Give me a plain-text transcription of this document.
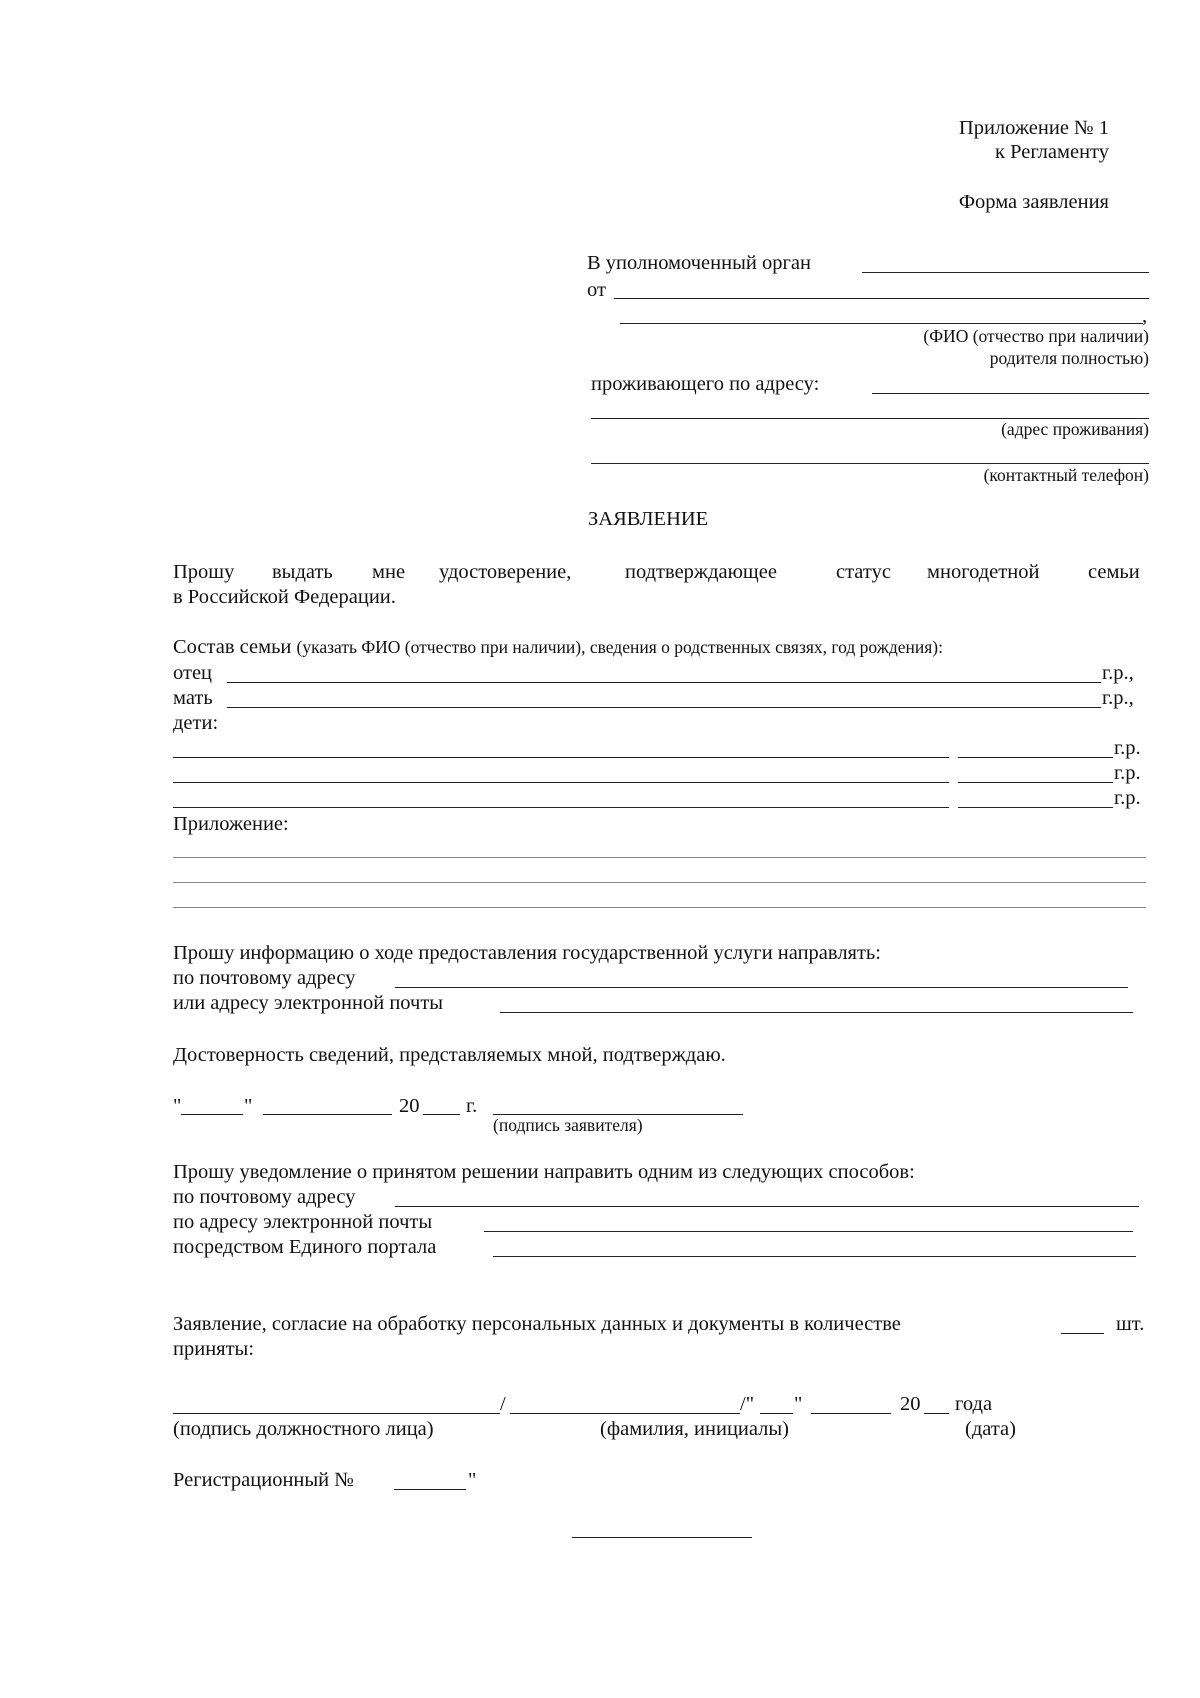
Приложение № 1
к Регламенту
Форма заявления
В уполномоченный орган
от
,
(ФИО (отчество при наличии)
родителя полностью)
проживающего по адресу:
(адрес проживания)
(контактный телефон)
ЗАЯВЛЕНИЕ
Прошу выдать мне удостоверение,	подтверждающее	статус многодетной семьи
в Российской Федерации.
Состав семьи (указать ФИО (отчество при наличии), сведения о родственных связях, год рождения):
отец	г.р.,
мать	г.р.,
дети:
г.р.
г.р.
г.р.
Приложение:
Прошу информацию о ходе предоставления государственной услуги направлять:
по почтовому адресу
или адресу электронной почты
Достоверность сведений, представляемых мной, подтверждаю.
"	"	20 г.
(подпись заявителя)
Прошу уведомление о принятом решении направить одним из следующих способов:
по почтовому адресу
по адресу электронной почты
посредством Единого портала
Заявление, согласие на обработку персональных данных и документы в количестве	шт.
приняты:
/	/" "	20 года
(подпись должностного лица)	(фамилия, инициалы)	(дата)
Регистрационный №	"
